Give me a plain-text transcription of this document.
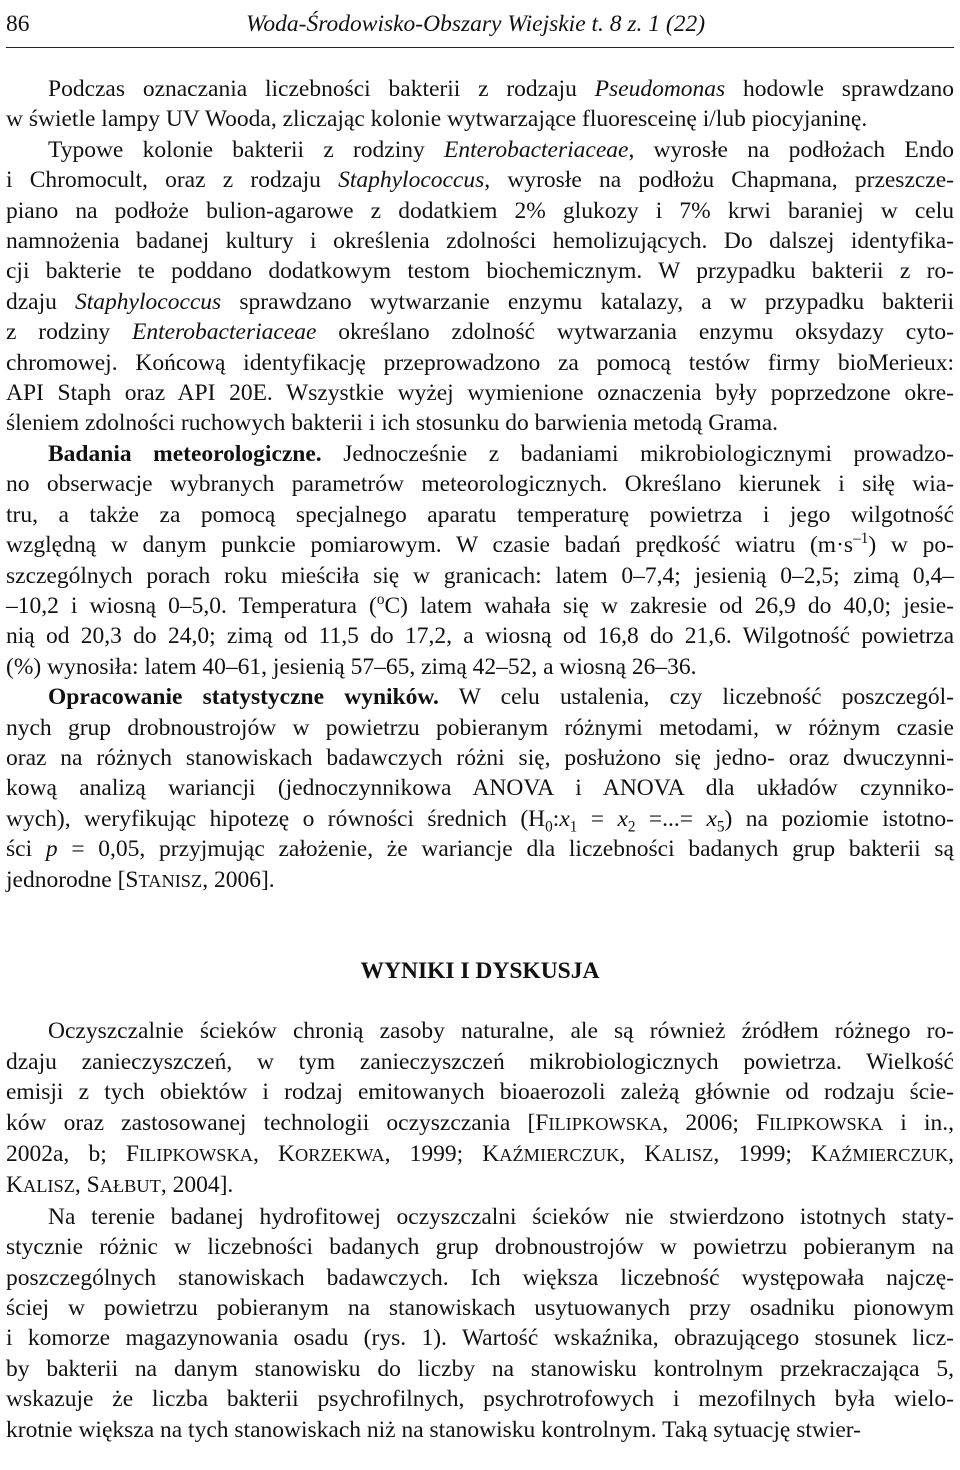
86	Woda-Środowisko-Obszary Wiejskie t. 8 z. 1 (22)
Podczas oznaczania liczebności bakterii z rodzaju Pseudomonas hodowle sprawdzano
w świetle lampy UV Wooda, zliczając kolonie wytwarzające fluoresceinę i/lub piocyjaninę.
Typowe kolonie bakterii z rodziny Enterobacteriaceae, wyrosłe na podłożach Endo
i Chromocult, oraz z rodzaju Staphylococcus, wyrosłe na podłożu Chapmana, przeszcze-
piano na podłoże bulion-agarowe z dodatkiem 2% glukozy i 7% krwi baraniej w celu
namnożenia badanej kultury i określenia zdolności hemolizujących. Do dalszej identyfika-
cji bakterie te poddano dodatkowym testom biochemicznym. W przypadku bakterii z ro-
dzaju Staphylococcus sprawdzano wytwarzanie enzymu katalazy, a w przypadku bakterii
z rodziny Enterobacteriaceae określano zdolność wytwarzania enzymu oksydazy cyto-
chromowej. Końcową identyfikację przeprowadzono za pomocą testów firmy bioMerieux:
API Staph oraz API 20E. Wszystkie wyżej wymienione oznaczenia były poprzedzone okre-
śleniem zdolności ruchowych bakterii i ich stosunku do barwienia metodą Grama.
Badania meteorologiczne. Jednocześnie z badaniami mikrobiologicznymi prowadzo-
no obserwacje wybranych parametrów meteorologicznych. Określano kierunek i siłę wia-
tru, a także za pomocą specjalnego aparatu temperaturę powietrza i jego wilgotność
względną w danym punkcie pomiarowym. W czasie badań prędkość wiatru $(m\cdot s^{-1})$ w po-
szczególnych porach roku mieściła się w granicach: latem 0–7,4; jesienią 0–2,5; zimą 0,4–
–10,2 i wiosną 0–5,0. Temperatura ($^o$C) latem wahała się w zakresie od 26,9 do 40,0; jesie-
nią od 20,3 do 24,0; zimą od 11,5 do 17,2, a wiosną od 16,8 do 21,6. Wilgotność powietrza
(%) wynosiła: latem 40–61, jesienią 57–65, zimą 42–52, a wiosną 26–36.
Opracowanie statystyczne wyników. W celu ustalenia, czy liczebność poszczegól-
nych grup drobnoustrojów w powietrzu pobieranym różnymi metodami, w różnym czasie
oraz na różnych stanowiskach badawczych różni się, posłużono się jedno- oraz dwuczynni-
kową analizą wariancji (jednoczynnikowa ANOVA i ANOVA dla układów czynniko-
wych), weryfikując hipotezę o równości średnich ($H_0:x_1 = x_2$ =...= $x_5$) na poziomie istotno-
ści p = 0,05, przyjmując założenie, że wariancje dla liczebności badanych grup bakterii są
jednorodne [STANISZ, 2006].
WYNIKI I DYSKUSJA
Oczyszczalnie ścieków chronią zasoby naturalne, ale są również źródłem różnego ro-
dzaju zanieczyszczeń, w tym zanieczyszczeń mikrobiologicznych powietrza. Wielkość
emisji z tych obiektów i rodzaj emitowanych bioaerozoli zależą głównie od rodzaju ście-
ków oraz zastosowanej technologii oczyszczania [FILIPKOWSKA, 2006; FILIPKOWSKA i in.,
2002a, b; FILIPKOWSKA, KORZEKWA, 1999; KAŹMIERCZUK, KALISZ, 1999; KAŹMIERCZUK,
KALISZ, SAŁBUT, 2004].
Na terenie badanej hydrofitowej oczyszczalni ścieków nie stwierdzono istotnych staty-
stycznie różnic w liczebności badanych grup drobnoustrojów w powietrzu pobieranym na
poszczególnych stanowiskach badawczych. Ich większa liczebność występowała najczę-
ściej w powietrzu pobieranym na stanowiskach usytuowanych przy osadniku pionowym
i komorze magazynowania osadu (rys. 1). Wartość wskaźnika, obrazującego stosunek licz-
by bakterii na danym stanowisku do liczby na stanowisku kontrolnym przekraczająca 5,
wskazuje że liczba bakterii psychrofilnych, psychrotrofowych i mezofilnych była wielo-
krotnie większa na tych stanowiskach niż na stanowisku kontrolnym. Taką sytuację stwier-
